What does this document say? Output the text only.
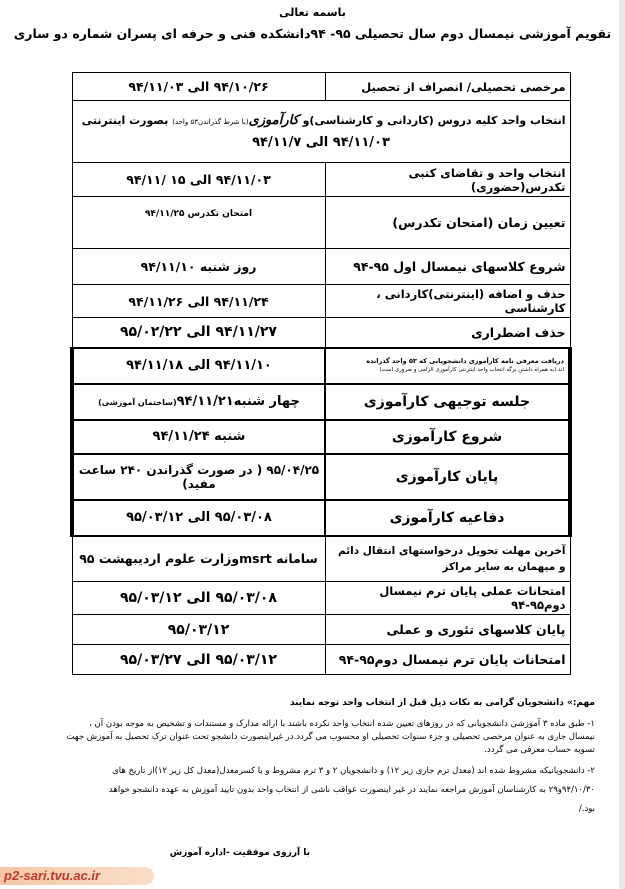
باسمه تعالی
تقویم آموزشی نیمسال دوم سال تحصیلی ۹۵- ۹۴دانشکده فنی و حرفه ای پسران شماره دو ساری
مرخصی تحصیلی/ انصراف از تحصیل	۹۴/۱۰/۲۶ الی ۹۴/۱۱/۰۳

انتخاب واحد کلیه دروس (کاردانی و کارشناسی)و کارآموزی(با شرط گذراندن۵۳ واحد) بصورت اینترنتی
۹۴/۱۱/۰۳ الی ۹۴/۱۱/۷	

انتخاب واحد و تقاضای کتبی تکدرس(حضوری)	۹۴/۱۱/۰۳ الی ۱۵ /۹۴/۱۱
تعیین زمان (امتحان تکدرس)	امتحان تکدرس ۹۴/۱۱/۲۵
شروع کلاسهای نیمسال اول ۹۵-۹۴	روز شنبه ۹۴/۱۱/۱۰
حذف و اضافه (اینترنتی)کاردانی ، کارشناسی	۹۴/۱۱/۲۴ الی ۹۴/۱۱/۲۶
حذف اضطراری	۹۴/۱۱/۲۷ الی ۹۵/۰۲/۲۲

دریافت معرفی نامه کارآموزی دانشجویانی که ۵۳ واحد گذرانده
اند.(به همراه داشتن برگه انتخاب واحد اینترنتی کارآموزی الزامی و ضروری است)	۹۴/۱۱/۱۰ الی ۹۴/۱۱/۱۸
جلسه توجیهی کارآموزی	چهار شنبه۹۴/۱۱/۲۱(ساختمان آموزشی)
شروع کارآموزی	شنبه ۹۴/۱۱/۲۴
پایان کارآموزی	۹۵/۰۴/۲۵ ( در صورت گذراندن ۲۴۰ ساعت مفید)
دفاعیه کارآموزی	۹۵/۰۳/۰۸ الی ۹۵/۰۳/۱۲
آخرین مهلت تحویل درخواستهای انتقال دائم و میهمان به سایر مراکز	سامانه msrtوزارت علوم اردیبهشت ۹۵
امتحانات عملی پایان ترم نیمسال دوم۹۵-۹۴	۹۵/۰۳/۰۸ الی ۹۵/۰۳/۱۲
پایان کلاسهای تئوری و عملی	۹۵/۰۳/۱۲
امتحانات پایان ترم نیمسال دوم۹۵-۹۴	۹۵/۰۳/۱۲ الی ۹۵/۰۳/۲۷
مهم:» دانشجویان گرامی به نکات ذیل قبل از انتخاب واحد توجه نمایند
۱- طبق ماده ۳ آموزشی دانشجویانی که در روزهای تعیین شده انتخاب واحد نکرده باشند با ارائه مدارک و مستندات و تشخیص به موجه بودن آن ،
نیمسال جاری به عنوان مرخصی تحصیلی و جزء سنوات تحصیلی او محسوب می گردد.در غیراینصورت دانشجو تحت عنوان ترک تحصیل به آموزش جهت
تسویه حساب معرفی می گردد.
۲- دانشجویانیکه مشروط شده اند (معدل ترم جاری زیر ۱۲) و دانشجویان ۲ و ۳ ترم مشروط و یا کسرمعدل(معدل کل زیر ۱۲)از تاریخ های
۹۴/۱۰/۳۰و۲۹ به کارشناسان آموزش مراجعه نمایند در غیر اینصورت عواقب ناشی از انتخاب واحد بدون تایید آموزش به عهده دانشجو خواهد
بود./
با آرزوی موفقیت -اداره آموزش
p2-sari.tvu.ac.ir
